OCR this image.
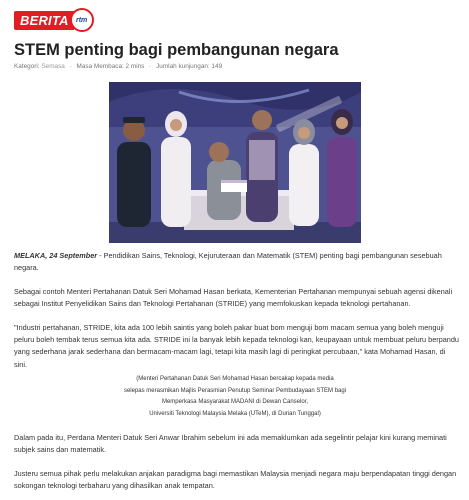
BERITA	rtm
STEM penting bagi pembangunan negara
Kategori: Semasa - Masa Membaca: 2 mins - Jumlah kunjungan: 149

MELAKA, 24 September - Pendidikan Sains, Teknologi, Kejuruteraan dan Matematik (STEM) penting bagi pembangunan sesebuah negara.

Sebagai contoh Menteri Pertahanan Datuk Seri Mohamad Hasan berkata, Kementerian Pertahanan mempunyai sebuah agensi dikenali sebagai Institut Penyelidikan Sains dan Teknologi Pertahanan (STRIDE) yang memfokuskan kepada teknologi pertahanan.

"Industri pertahanan, STRIDE, kita ada 100 lebih saintis yang boleh pakar buat bom menguji bom macam semua yang boleh menguji peluru boleh tembak terus semua kita ada. STRIDE ini la banyak lebih kepada teknologi kan, keupayaan untuk membuat peluru berpandu yang sederhana jarak sederhana dan bermacam-macam lagi, tetapi kita masih lagi di peringkat percubaan," kata Mohamad Hasan, di sini.

(Menteri Pertahanan Datuk Seri Mohamad Hasan bercakap kepada media
selepas merasmikan Majlis Perasmian Penutup Seminar Pembudayaan STEM bagi
Memperkasa Masyarakat MADANI di Dewan Canselor,
Universiti Teknologi Malaysia Melaka (UTeM), di Durian Tunggal)

Dalam pada itu, Perdana Menteri Datuk Seri Anwar Ibrahim sebelum ini ada memaklumkan ada segelintir pelajar kini kurang meminati subjek sains dan matematik.

Justeru semua pihak perlu melakukan anjakan paradigma bagi memastikan Malaysia menjadi negara maju berpendapatan tinggi dengan sokongan teknologi terbaharu yang dihasilkan anak tempatan.
